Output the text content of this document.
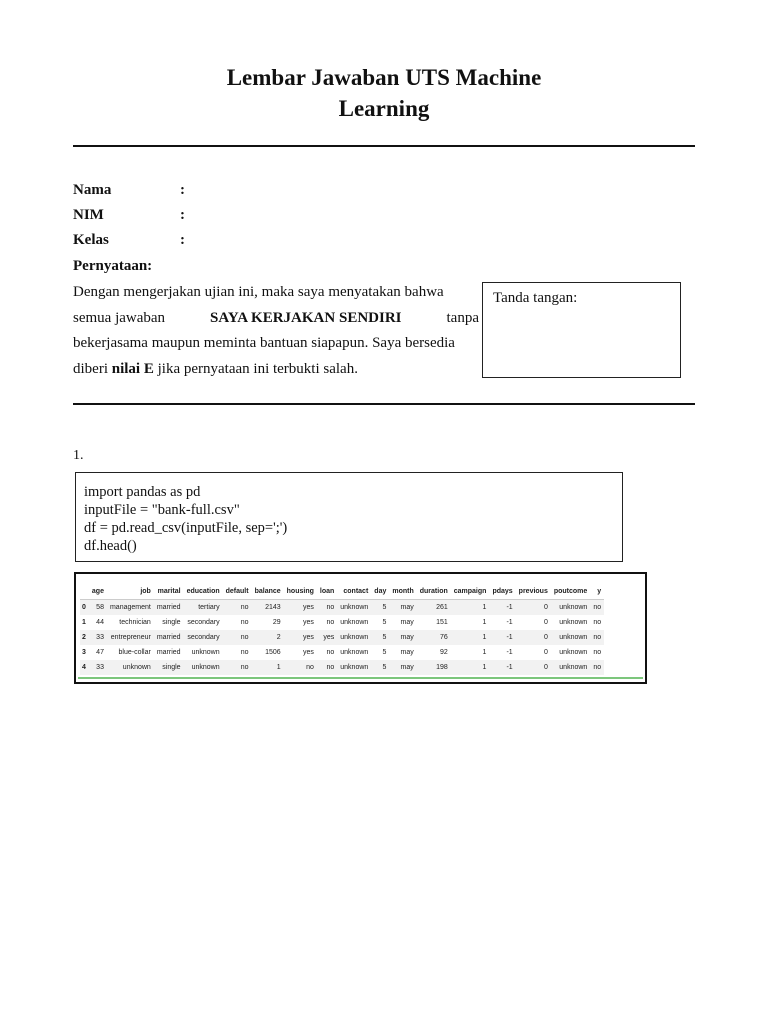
Lembar Jawaban UTS Machine
Learning
Nama	:
NIM	:
Kelas	:
Pernyataan:
Dengan mengerjakan ujian ini, maka saya menyatakan bahwa
semua jawaban	SAYA KERJAKAN SENDIRI	tanpa
bekerjasama maupun meminta bantuan siapapun. Saya bersedia
diberi nilai E jika pernyataan ini terbukti salah.
Tanda tangan:
1.
import pandas as pd
inputFile = "bank-full.csv"
df = pd.read_csv(inputFile, sep=';')
df.head()
	age	job	marital	education	default	balance	housing	loan	contact	day	month	duration	campaign	pdays	previous	poutcome	y
0	58	management	married	tertiary	no	2143	yes	no	unknown	5	may	261	1	-1	0	unknown	no
1	44	technician	single	secondary	no	29	yes	no	unknown	5	may	151	1	-1	0	unknown	no
2	33	entrepreneur	married	secondary	no	2	yes	yes	unknown	5	may	76	1	-1	0	unknown	no
3	47	blue-collar	married	unknown	no	1506	yes	no	unknown	5	may	92	1	-1	0	unknown	no
4	33	unknown	single	unknown	no	1	no	no	unknown	5	may	198	1	-1	0	unknown	no
